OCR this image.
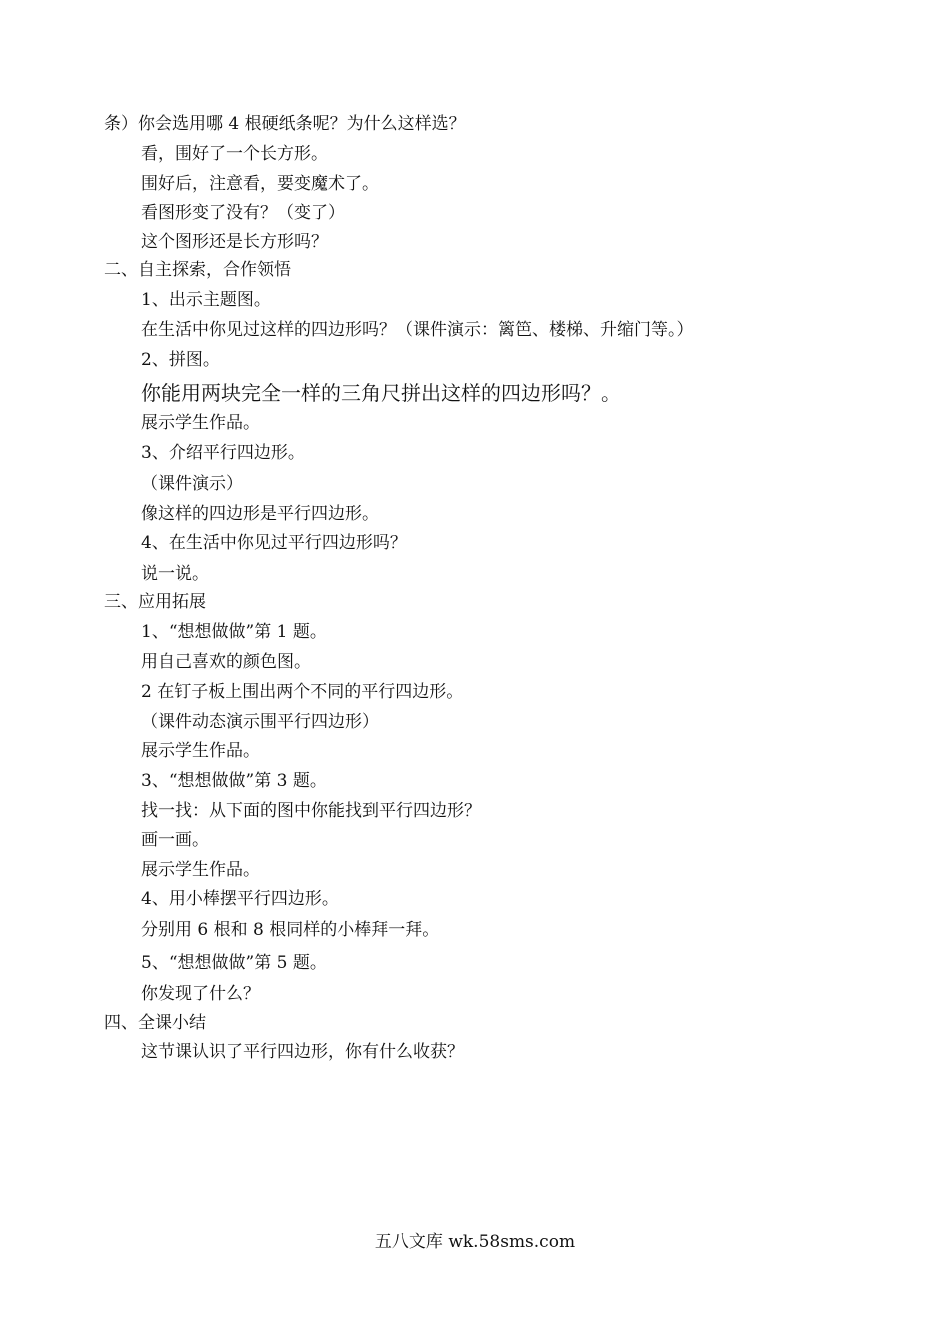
条）你会选用哪 4 根硬纸条呢？为什么这样选？
看，围好了一个长方形。
围好后，注意看，要变魔术了。
看图形变了没有？（变了）
这个图形还是长方形吗？
二、自主探索，合作领悟
1、出示主题图。
在生活中你见过这样的四边形吗？（课件演示：篱笆、楼梯、升缩门等。）
2、拼图。
你能用两块完全一样的三角尺拼出这样的四边形吗？。
展示学生作品。
3、介绍平行四边形。
（课件演示）
像这样的四边形是平行四边形。
4、在生活中你见过平行四边形吗？
说一说。
三、应用拓展
1、“想想做做”第 1 题。
用自己喜欢的颜色图。
2 在钉子板上围出两个不同的平行四边形。
（课件动态演示围平行四边形）
展示学生作品。
3、“想想做做”第 3 题。
找一找：从下面的图中你能找到平行四边形？
画一画。
展示学生作品。
4、用小棒摆平行四边形。
分别用 6 根和 8 根同样的小棒拜一拜。
5、“想想做做”第 5 题。
你发现了什么？
四、全课小结
这节课认识了平行四边形，你有什么收获？
五八文库 wk.58sms.com
